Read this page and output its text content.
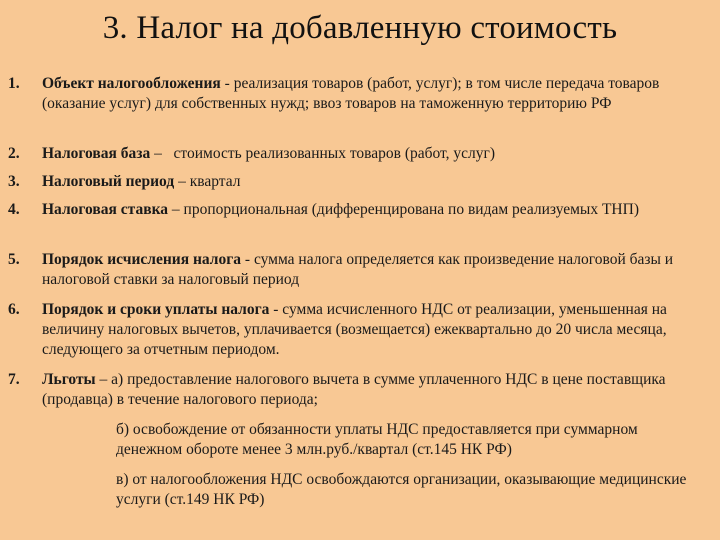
3. Налог на добавленную стоимость
1. Объект налогообложения - реализация товаров (работ, услуг); в том числе передача товаров (оказание услуг) для собственных нужд; ввоз товаров на таможенную территорию РФ
2. Налоговая база –   стоимость реализованных товаров (работ, услуг)
3. Налоговый период – квартал
4. Налоговая ставка – пропорциональная (дифференцирована по видам реализуемых ТНП)
5. Порядок исчисления налога - сумма налога определяется как произведение налоговой базы и налоговой ставки за налоговый период
6. Порядок и сроки уплаты налога - сумма исчисленного НДС от реализации, уменьшенная на величину налоговых вычетов, уплачивается (возмещается) ежеквартально до 20 числа месяца, следующего за отчетным периодом.
7. Льготы – а) предоставление налогового вычета в сумме уплаченного НДС в цене поставщика (продавца) в течение налогового периода;
б) освобождение от обязанности уплаты НДС предоставляется при суммарном денежном обороте менее 3 млн.руб./квартал (ст.145 НК РФ)
в) от налогообложения НДС освобождаются организации, оказывающие медицинские услуги (ст.149 НК РФ)
